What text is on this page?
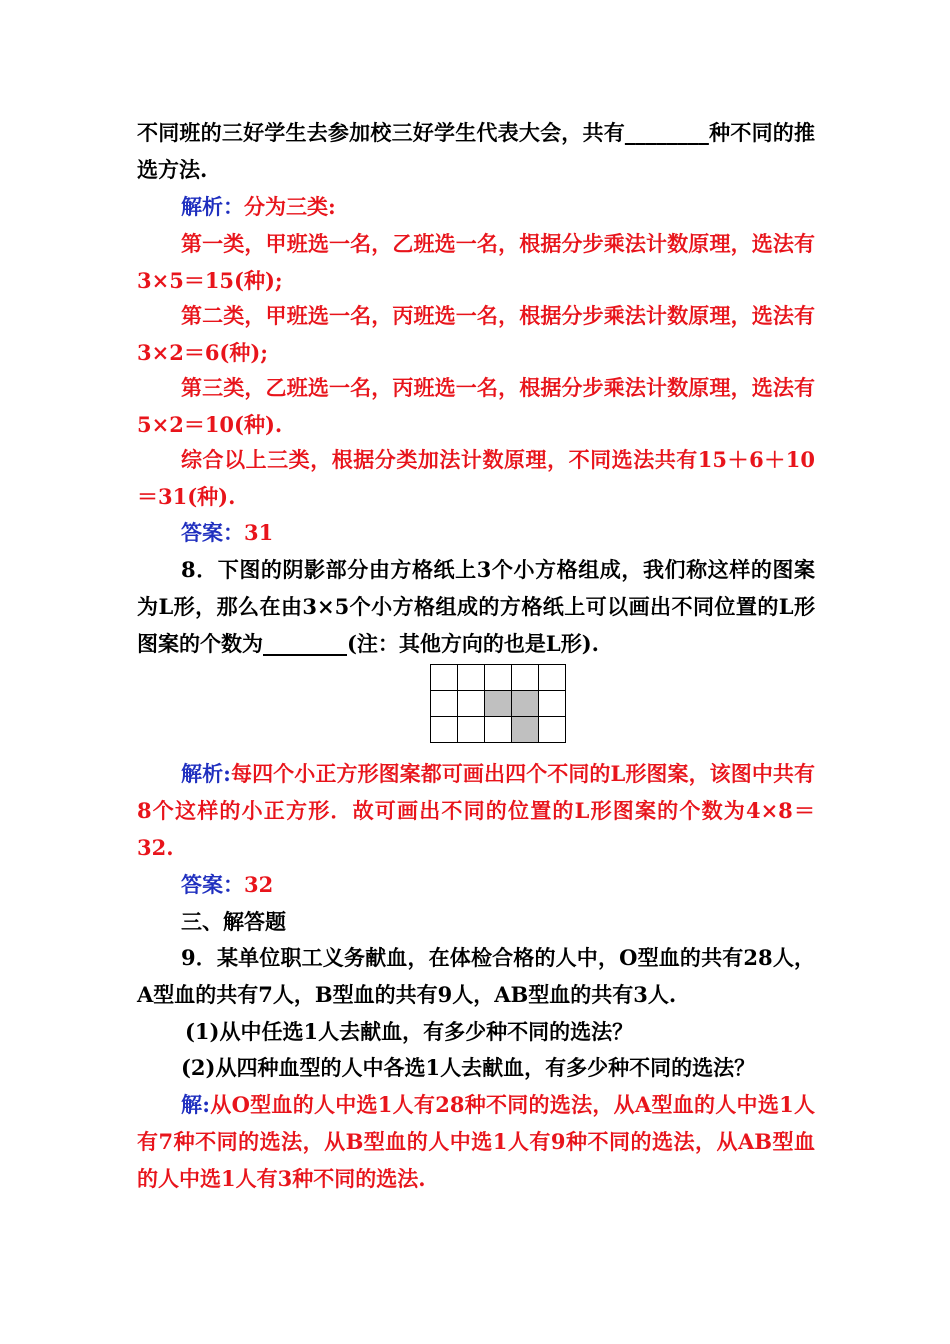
不同班的三好学生去参加校三好学生代表大会，共有________种不同的推选方法.

解析：分为三类:

第一类，甲班选一名，乙班选一名，根据分步乘法计数原理，选法有3×5＝15(种);

第二类，甲班选一名，丙班选一名，根据分步乘法计数原理，选法有3×2＝6(种);

第三类，乙班选一名，丙班选一名，根据分步乘法计数原理，选法有5×2＝10(种).

综合以上三类，根据分类加法计数原理，不同选法共有15＋6＋10＝31(种).

答案：31

8．下图的阴影部分由方格纸上3个小方格组成，我们称这样的图案为L形，那么在由3×5个小方格组成的方格纸上可以画出不同位置的L形图案的个数为________(注：其他方向的也是L形).

解析:每四个小正方形图案都可画出四个不同的L形图案，该图中共有8个这样的小正方形．故可画出不同的位置的L形图案的个数为4×8＝32.

答案：32

三、解答题

9．某单位职工义务献血，在体检合格的人中，O型血的共有28人，A型血的共有7人，B型血的共有9人，AB型血的共有3人.

(1)从中任选1人去献血，有多少种不同的选法？

(2)从四种血型的人中各选1人去献血，有多少种不同的选法？

解:从O型血的人中选1人有28种不同的选法，从A型血的人中选1人有7种不同的选法，从B型血的人中选1人有9种不同的选法，从AB型血的人中选1人有3种不同的选法.
